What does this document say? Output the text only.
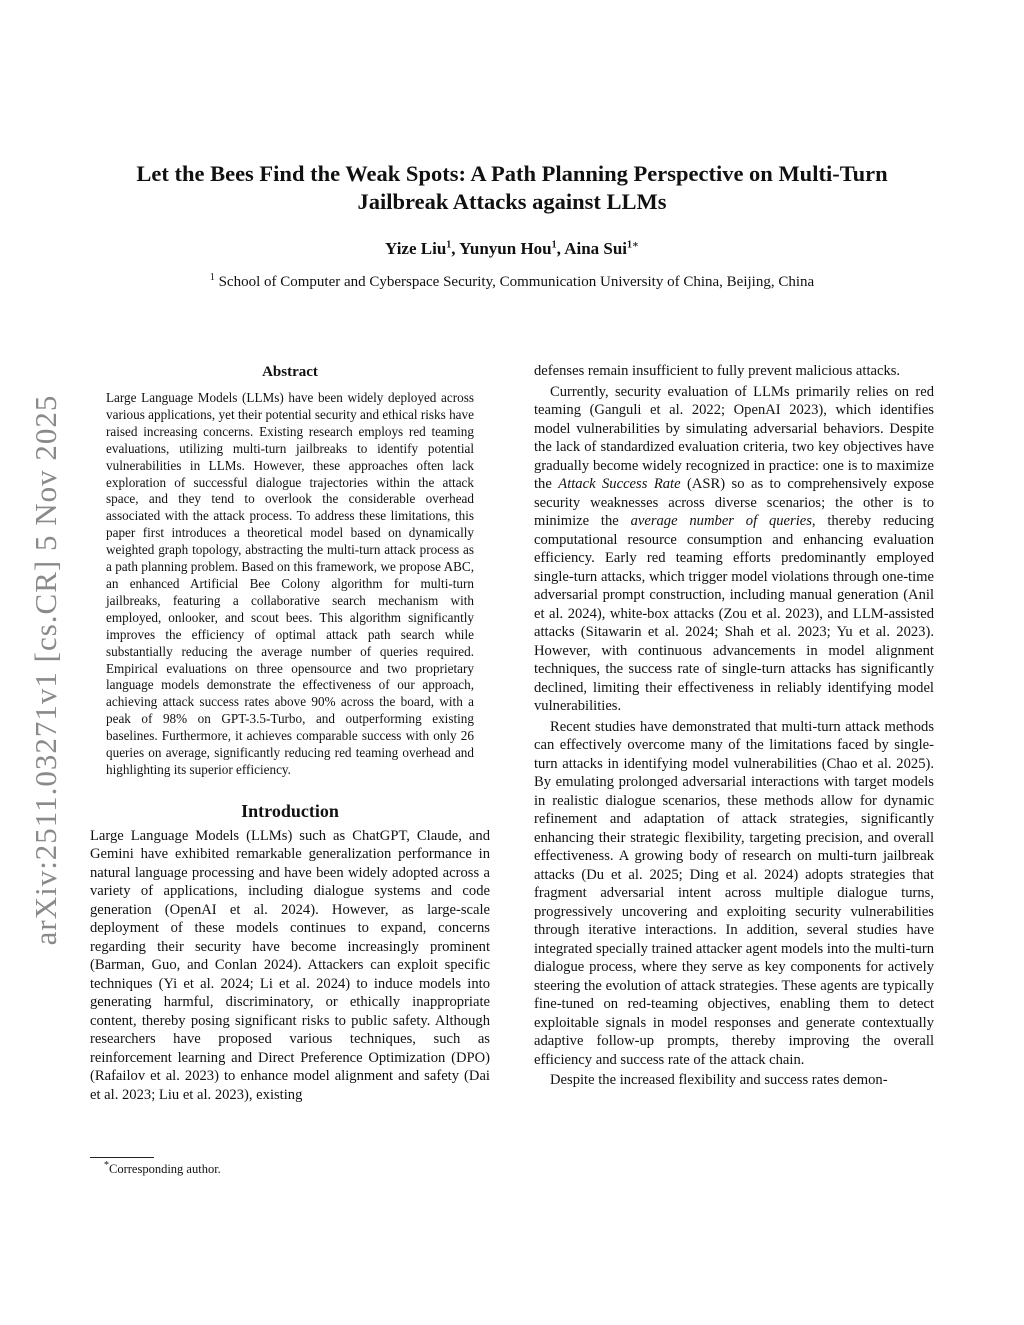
Let the Bees Find the Weak Spots: A Path Planning Perspective on Multi-Turn
Jailbreak Attacks against LLMs
Yize Liu$^1$, Yunyun Hou$^1$, Aina Sui$^{1∗}$
$^1$ School of Computer and Cyberspace Security, Communication University of China, Beijing, China
arXiv:2511.03271v1 [cs.CR] 5 Nov 2025
Abstract

Large Language Models (LLMs) have been widely deployed across various applications, yet their potential security and ethical risks have raised increasing concerns. Existing research employs red teaming evaluations, utilizing multi-turn jailbreaks to identify potential vulnerabilities in LLMs. However, these approaches often lack exploration of successful dialogue trajectories within the attack space, and they tend to overlook the considerable overhead associated with the attack process. To address these limitations, this paper first introduces a theoretical model based on dynamically weighted graph topology, abstracting the multi-turn attack process as a path planning problem. Based on this framework, we propose ABC, an enhanced Artificial Bee Colony algorithm for multi-turn jailbreaks, featuring a collaborative search mechanism with employed, onlooker, and scout bees. This algorithm significantly improves the efficiency of optimal attack path search while substantially reducing the average number of queries required. Empirical evaluations on three opensource and two proprietary language models demonstrate the effectiveness of our approach, achieving attack success rates above 90% across the board, with a peak of 98% on GPT-3.5-Turbo, and outperforming existing baselines. Furthermore, it achieves comparable success with only 26 queries on average, significantly reducing red teaming overhead and highlighting its superior efficiency.

Introduction

Large Language Models (LLMs) such as ChatGPT, Claude, and Gemini have exhibited remarkable generalization performance in natural language processing and have been widely adopted across a variety of applications, including dialogue systems and code generation (OpenAI et al. 2024). However, as large-scale deployment of these models continues to expand, concerns regarding their security have become increasingly prominent (Barman, Guo, and Conlan 2024). Attackers can exploit specific techniques (Yi et al. 2024; Li et al. 2024) to induce models into generating harmful, discriminatory, or ethically inappropriate content, thereby posing significant risks to public safety. Although researchers have proposed various techniques, such as reinforcement learning and Direct Preference Optimization (DPO) (Rafailov et al. 2023) to enhance model alignment and safety (Dai et al. 2023; Liu et al. 2023), existing

defenses remain insufficient to fully prevent malicious attacks.

Currently, security evaluation of LLMs primarily relies on red teaming (Ganguli et al. 2022; OpenAI 2023), which identifies model vulnerabilities by simulating adversarial behaviors. Despite the lack of standardized evaluation criteria, two key objectives have gradually become widely recognized in practice: one is to maximize the Attack Success Rate (ASR) so as to comprehensively expose security weaknesses across diverse scenarios; the other is to minimize the average number of queries, thereby reducing computational resource consumption and enhancing evaluation efficiency. Early red teaming efforts predominantly employed single-turn attacks, which trigger model violations through one-time adversarial prompt construction, including manual generation (Anil et al. 2024), white-box attacks (Zou et al. 2023), and LLM-assisted attacks (Sitawarin et al. 2024; Shah et al. 2023; Yu et al. 2023). However, with continuous advancements in model alignment techniques, the success rate of single-turn attacks has significantly declined, limiting their effectiveness in reliably identifying model vulnerabilities.

Recent studies have demonstrated that multi-turn attack methods can effectively overcome many of the limitations faced by single-turn attacks in identifying model vulnerabilities (Chao et al. 2025). By emulating prolonged adversarial interactions with target models in realistic dialogue scenarios, these methods allow for dynamic refinement and adaptation of attack strategies, significantly enhancing their strategic flexibility, targeting precision, and overall effectiveness. A growing body of research on multi-turn jailbreak attacks (Du et al. 2025; Ding et al. 2024) adopts strategies that fragment adversarial intent across multiple dialogue turns, progressively uncovering and exploiting security vulnerabilities through iterative interactions. In addition, several studies have integrated specially trained attacker agent models into the multi-turn dialogue process, where they serve as key components for actively steering the evolution of attack strategies. These agents are typically fine-tuned on red-teaming objectives, enabling them to detect exploitable signals in model responses and generate contextually adaptive follow-up prompts, thereby improving the overall efficiency and success rate of the attack chain.

Despite the increased flexibility and success rates demon-

*Corresponding author.
